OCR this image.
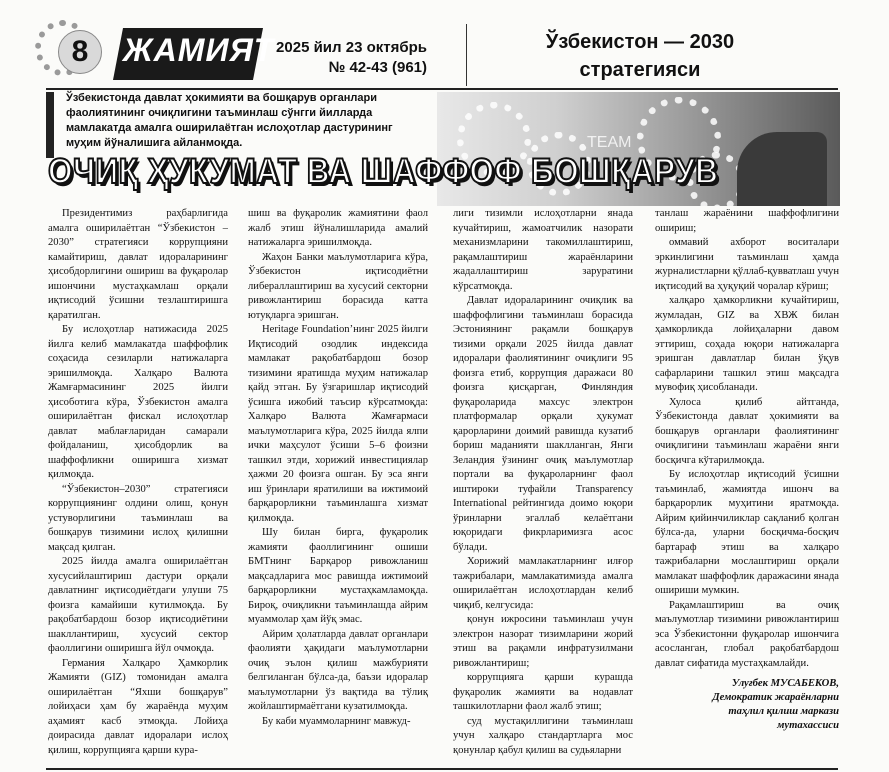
8	ЖАМИЯТ 2025 йил 23 октябрь
№ 42-43 (961)
Ўзбекистон — 2030
стратегияси
Ўзбекистонда давлат ҳокимияти ва бошқарув органлари фаолиятининг очиқлигини таъминлаш сўнгги йилларда мамлакатда амалга оширилаётган ислоҳотлар дастурининг муҳим йўналишига айланмоқда.	TEAM
ОЧИҚ ҲУКУМАТ ВА ШАФФОФ БОШҚАРУВ

Президентимиз раҳбарлигида амалга оширилаётган “Ўзбекистон – 2030” стратегияси коррупцияни камайтириш, давлат идораларининг ҳисобдорлигини ошириш ва фуқаролар ишончини мустаҳкамлаш орқали иқтисодий ўсишни тезлаштиришга қаратилган.

Бу ислоҳотлар натижасида 2025 йилга келиб мамлакатда шаффофлик соҳасида сезиларли натижаларга эришилмоқда. Халқаро Валюта Жамғармасининг 2025 йилги ҳисоботига кўра, Ўзбекистон амалга оширилаётган фискал ислоҳотлар давлат маблағларидан самарали фойдаланиш, ҳисобдорлик ва шаффофликни оширишга хизмат қилмоқда.

“Ўзбекистон–2030” стратегияси коррупциянинг олдини олиш, қонун устуворлигини таъминлаш ва бошқарув тизимини ислоҳ қилишни мақсад қилган.

2025 йилда амалга оширилаётган хусусийлаштириш дастури орқали давлатнинг иқтисодиётдаги улуши 75 фоизга камайиши кутилмоқда. Бу рақобатбардош бозор иқтисодиётини шакллантириш, хусусий сектор фаоллигини оширишга йўл очмоқда.

Германия Халқаро Ҳамкорлик Жамияти (GIZ) томонидан амалга оширилаётган “Яхши бошқарув” лойиҳаси ҳам бу жараёнда муҳим аҳамият касб этмоқда. Лойиҳа доирасида давлат идоралари ислоҳ қилиш, коррупцияга қарши кура-

шиш ва фуқаролик жамиятини фаол жалб этиш йўналишларида амалий натижаларга эришилмоқда.

Жаҳон Банки маълумотларига кўра, Ўзбекистон иқтисодиётни либераллаштириш ва хусусий секторни ривожлантириш борасида катта ютуқларга эришган.

Heritage Foundation’нинг 2025 йилги Иқтисодий озодлик индексида мамлакат рақобатбардош бозор тизимини яратишда муҳим натижалар қайд этган. Бу ўзгаришлар иқтисодий ўсишга ижобий таъсир кўрсатмоқда: Халқаро Валюта Жамғармаси маълумотларига кўра, 2025 йилда ялпи ички маҳсулот ўсиши 5–6 фоизни ташкил этди, хорижий инвестициялар ҳажми 20 фоизга ошган. Бу эса янги иш ўринлари яратилиши ва ижтимоий барқарорликни таъминлашга хизмат қилмоқда.

Шу билан бирга, фуқаролик жамияти фаоллигининг ошиши БМТнинг Барқарор ривожланиш мақсадларига мос равишда ижтимоий барқарорликни мустаҳкамламоқда. Бироқ, очиқликни таъминлашда айрим муаммолар ҳам йўқ эмас.

Айрим ҳолатларда давлат органлари фаолияти ҳақидаги маълумотларни очиқ эълон қилиш мажбурияти белгиланган бўлса-да, баъзи идоралар маълумотларни ўз вақтида ва тўлиқ жойлаштирмаётгани кузатилмоқда.

Бу каби муаммоларнинг мавжуд-

лиги тизимли ислоҳотларни янада кучайтириш, жамоатчилик назорати механизмларини такомиллаштириш, рақамлаштириш жараёнларини жадаллаштириш заруратини кўрсатмоқда.

Давлат идораларининг очиқлик ва шаффофлигини таъминлаш борасида Эстониянинг рақамли бошқарув тизими орқали 2025 йилда давлат идоралари фаолиятининг очиқлиги 95 фоизга етиб, коррупция даражаси 80 фоизга қисқарган, Финляндия фуқароларида махсус электрон платформалар орқали ҳукумат қарорларини доимий равишда кузатиб бориш маданияти шаклланган, Янги Зеландия ўзининг очиқ маълумотлар портали ва фуқароларнинг фаол иштироки туфайли Transparency International рейтингида доимо юқори ўринларни эгаллаб келаётгани юқоридаги фикрларимизга асос бўлади.

Хорижий мамлакатларнинг илғор тажрибалари, мамлакатимизда амалга оширилаётган ислоҳотлардан келиб чиқиб, келгусида:

қонун ижросини таъминлаш учун электрон назорат тизимларини жорий этиш ва рақамли инфратузилмани ривожлантириш;

коррупцияга қарши курашда фуқаролик жамияти ва нодавлат ташкилотларни фаол жалб этиш;

суд мустақиллигини таъминлаш учун халқаро стандартларга мос қонунлар қабул қилиш ва судьяларни

танлаш жараёнини шаффофлигини ошириш;

оммавий ахборот воситалари эркинлигини таъминлаш ҳамда журналистларни қўллаб-қувватлаш учун иқтисодий ва ҳуқуқий чоралар кўриш;

халқаро ҳамкорликни кучайтириш, жумладан, GIZ ва ХВЖ билан ҳамкорликда лойиҳаларни давом эттириш, соҳада юқори натижаларга эришган давлатлар билан ўқув сафарларини ташкил этиш мақсадга мувофиқ ҳисобланади.

Хулоса қилиб айтганда, Ўзбекистонда давлат ҳокимияти ва бошқарув органлари фаолиятининг очиқлигини таъминлаш жараёни янги босқичга кўтарилмоқда.

Бу ислоҳотлар иқтисодий ўсишни таъминлаб, жамиятда ишонч ва барқарорлик муҳитини яратмоқда. Айрим қийинчиликлар сақланиб қолган бўлса-да, уларни босқичма-босқич бартараф этиш ва халқаро тажрибаларни мослаштириш орқали мамлакат шаффофлик даражасини янада ошириши мумкин.

Рақамлаштириш ва очиқ маълумотлар тизимини ривожлантириш эса Ўзбекистонни фуқаролар ишончига асосланган, глобал рақобатбардош давлат сифатида мустаҳкамлайди.

Улуғбек МУСАБЕКОВ,
Демократик жараёнларни
таҳлил қилиш маркази
мутахассиси
